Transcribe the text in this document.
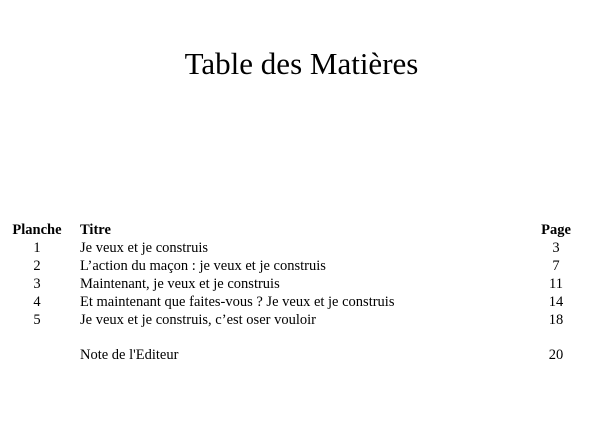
Table des Matières
Planche	Titre	Page
1	Je veux et je construis	3
2	L’action du maçon : je veux et je construis	7
3	Maintenant, je veux et je construis	11
4	Et maintenant que faites-vous ? Je veux et je construis	14
5	Je veux et je construis, c’est oser vouloir	18

	Note de l'Editeur	20
